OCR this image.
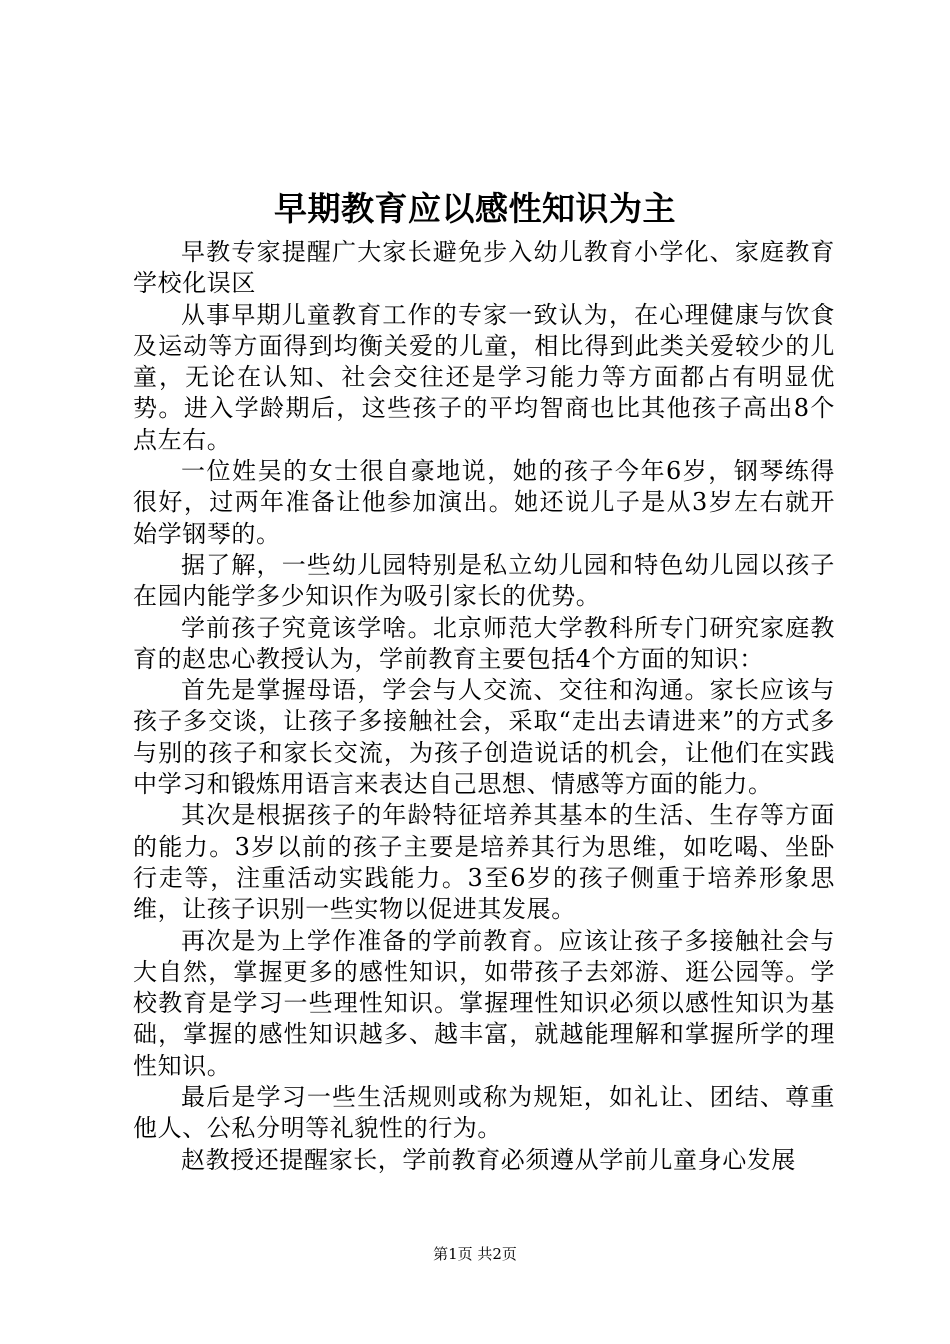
早期教育应以感性知识为主

早教专家提醒广大家长避免步入幼儿教育小学化、家庭教育学校化误区

从事早期儿童教育工作的专家一致认为，在心理健康与饮食及运动等方面得到均衡关爱的儿童，相比得到此类关爱较少的儿童，无论在认知、社会交往还是学习能力等方面都占有明显优势。进入学龄期后，这些孩子的平均智商也比其他孩子高出8个点左右。

一位姓吴的女士很自豪地说，她的孩子今年6岁，钢琴练得很好，过两年准备让他参加演出。她还说儿子是从3岁左右就开始学钢琴的。

据了解，一些幼儿园特别是私立幼儿园和特色幼儿园以孩子在园内能学多少知识作为吸引家长的优势。

学前孩子究竟该学啥。北京师范大学教科所专门研究家庭教育的赵忠心教授认为，学前教育主要包括4个方面的知识：

首先是掌握母语，学会与人交流、交往和沟通。家长应该与孩子多交谈，让孩子多接触社会，采取“走出去请进来”的方式多与别的孩子和家长交流，为孩子创造说话的机会，让他们在实践中学习和锻炼用语言来表达自己思想、情感等方面的能力。

其次是根据孩子的年龄特征培养其基本的生活、生存等方面的能力。3岁以前的孩子主要是培养其行为思维，如吃喝、坐卧行走等，注重活动实践能力。3至6岁的孩子侧重于培养形象思维，让孩子识别一些实物以促进其发展。

再次是为上学作准备的学前教育。应该让孩子多接触社会与大自然，掌握更多的感性知识，如带孩子去郊游、逛公园等。学校教育是学习一些理性知识。掌握理性知识必须以感性知识为基础，掌握的感性知识越多、越丰富，就越能理解和掌握所学的理性知识。

最后是学习一些生活规则或称为规矩，如礼让、团结、尊重他人、公私分明等礼貌性的行为。

赵教授还提醒家长，学前教育必须遵从学前儿童身心发展

第1页 共2页
